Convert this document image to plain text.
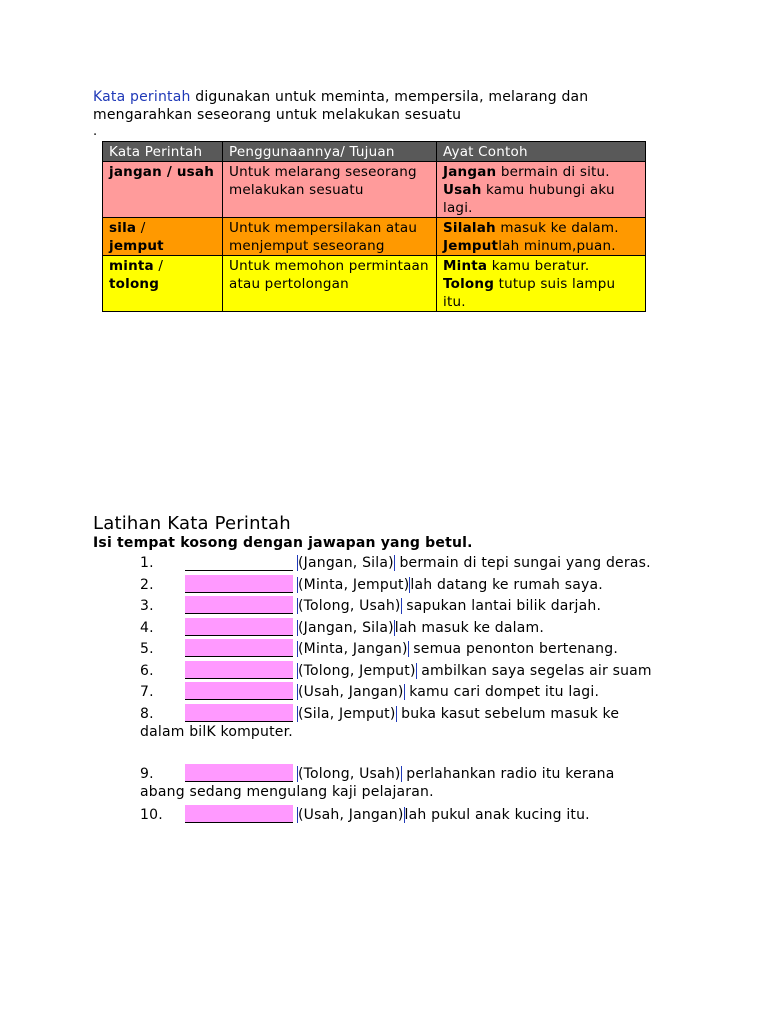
Kata perintah digunakan untuk meminta, mempersila, melarang dan mengarahkan seseorang untuk melakukan sesuatu
.
Kata Perintah	Penggunaannya/ Tujuan	Ayat Contoh
jangan / usah	Untuk melarang seseorang melakukan sesuatu	Jangan bermain di situ.
Usah kamu hubungi aku lagi.
sila /
jemput	Untuk mempersilakan atau menjemput seseorang	Silalah masuk ke dalam.
Jemputlah minum,puan.
minta /
tolong	Untuk memohon permintaan atau pertolongan	Minta kamu beratur.
Tolong tutup suis lampu itu.
Latihan Kata Perintah
Isi tempat kosong dengan jawapan yang betul.
1.	(Jangan, Sila) bermain di tepi sungai yang deras.
2.	(Minta, Jemput)lah datang ke rumah saya.
3.	(Tolong, Usah) sapukan lantai bilik darjah.
4.	(Jangan, Sila)lah masuk ke dalam.
5.	(Minta, Jangan) semua penonton bertenang.
6.	(Tolong, Jemput) ambilkan saya segelas air suam
7.	(Usah, Jangan) kamu cari dompet itu lagi.
8.	(Sila, Jemput) buka kasut sebelum masuk ke
dalam bilK komputer.
9.	(Tolong, Usah) perlahankan radio itu kerana
abang sedang mengulang kaji pelajaran.
10.	(Usah, Jangan)lah pukul anak kucing itu.
